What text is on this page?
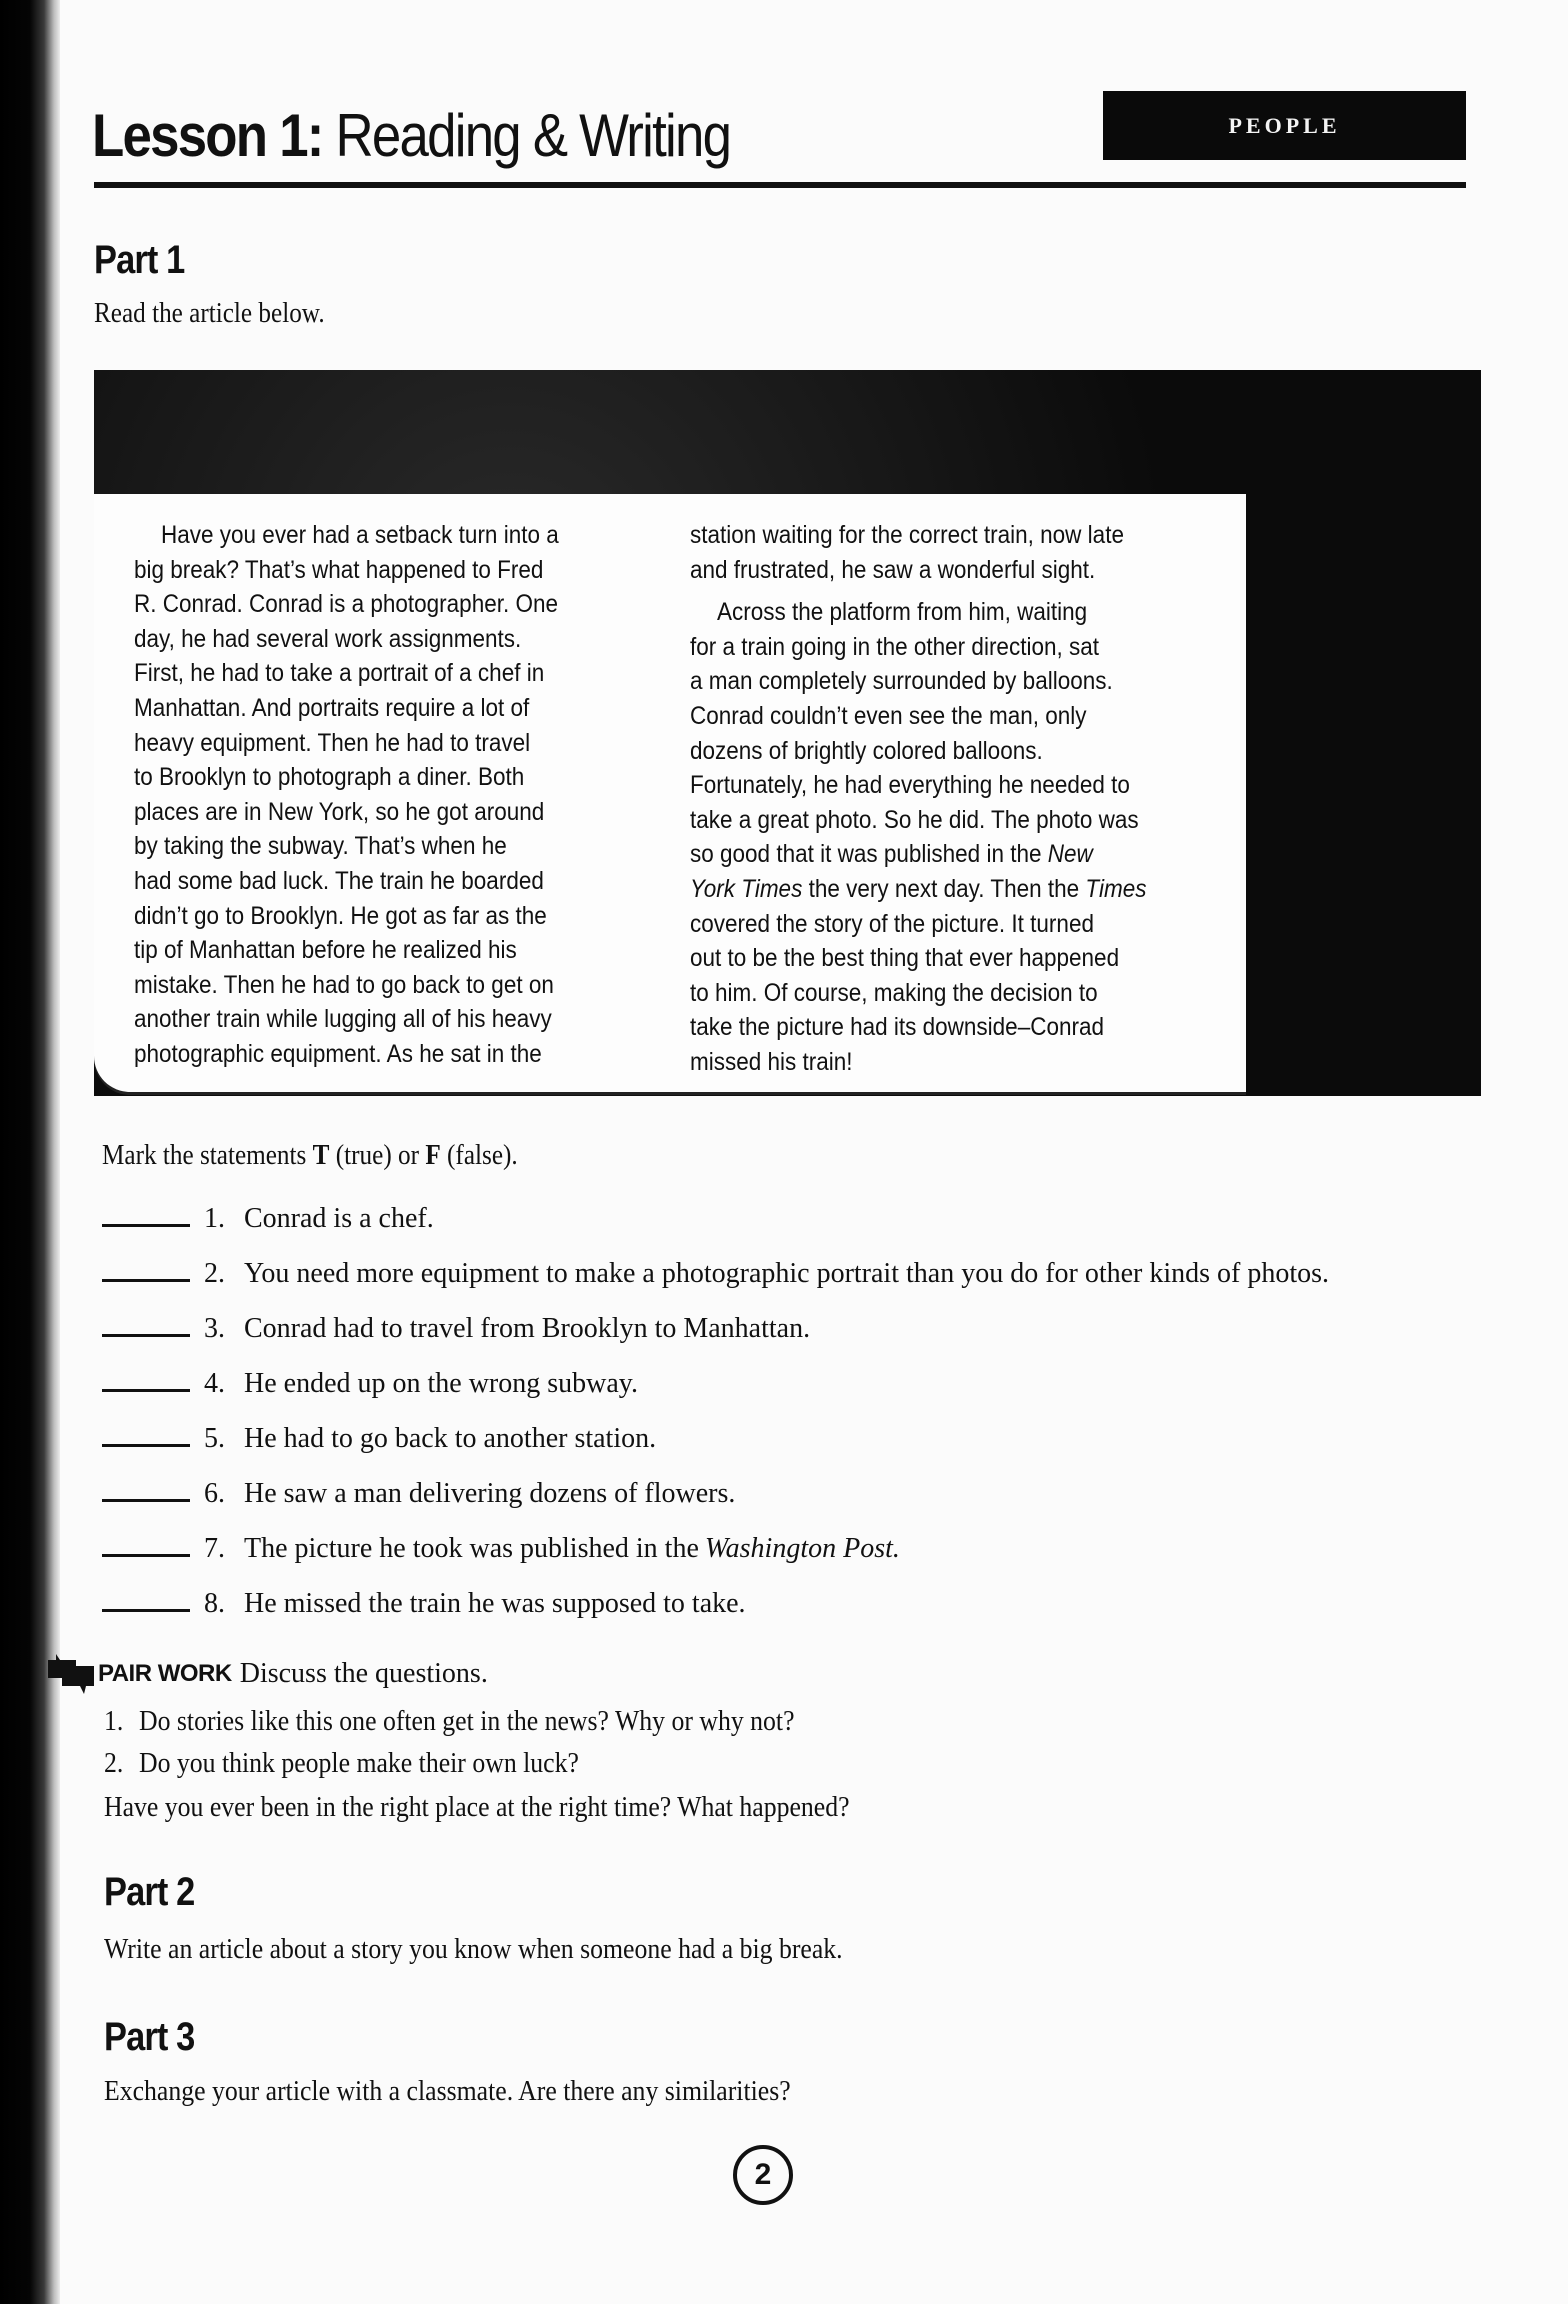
Lesson 1: Reading & Writing	PEOPLE
Part 1
Read the article below.
Have you ever had a setback turn into a
big break? That’s what happened to Fred
R. Conrad. Conrad is a photographer. One
day, he had several work assignments.
First, he had to take a portrait of a chef in
Manhattan. And portraits require a lot of
heavy equipment. Then he had to travel
to Brooklyn to photograph a diner. Both
places are in New York, so he got around
by taking the subway. That’s when he
had some bad luck. The train he boarded
didn’t go to Brooklyn. He got as far as the
tip of Manhattan before he realized his
mistake. Then he had to go back to get on
another train while lugging all of his heavy
photographic equipment. As he sat in the
station waiting for the correct train, now late
and frustrated, he saw a wonderful sight.
Across the platform from him, waiting
for a train going in the other direction, sat
a man completely surrounded by balloons.
Conrad couldn’t even see the man, only
dozens of brightly colored balloons.
Fortunately, he had everything he needed to
take a great photo. So he did. The photo was
so good that it was published in the New
York Times the very next day. Then the Times
covered the story of the picture. It turned
out to be the best thing that ever happened
to him. Of course, making the decision to
take the picture had its downside–Conrad
missed his train!
Mark the statements T (true) or F (false).
1. Conrad is a chef.
2. You need more equipment to make a photographic portrait than you do for other kinds of photos.
3. Conrad had to travel from Brooklyn to Manhattan.
4. He ended up on the wrong subway.
5. He had to go back to another station.
6. He saw a man delivering dozens of flowers.
7. The picture he took was published in the Washington Post.
8. He missed the train he was supposed to take.
PAIR WORK Discuss the questions.
1. Do stories like this one often get in the news? Why or why not?
2. Do you think people make their own luck?
Have you ever been in the right place at the right time? What happened?
Part 2
Write an article about a story you know when someone had a big break.
Part 3
Exchange your article with a classmate. Are there any similarities?
2
